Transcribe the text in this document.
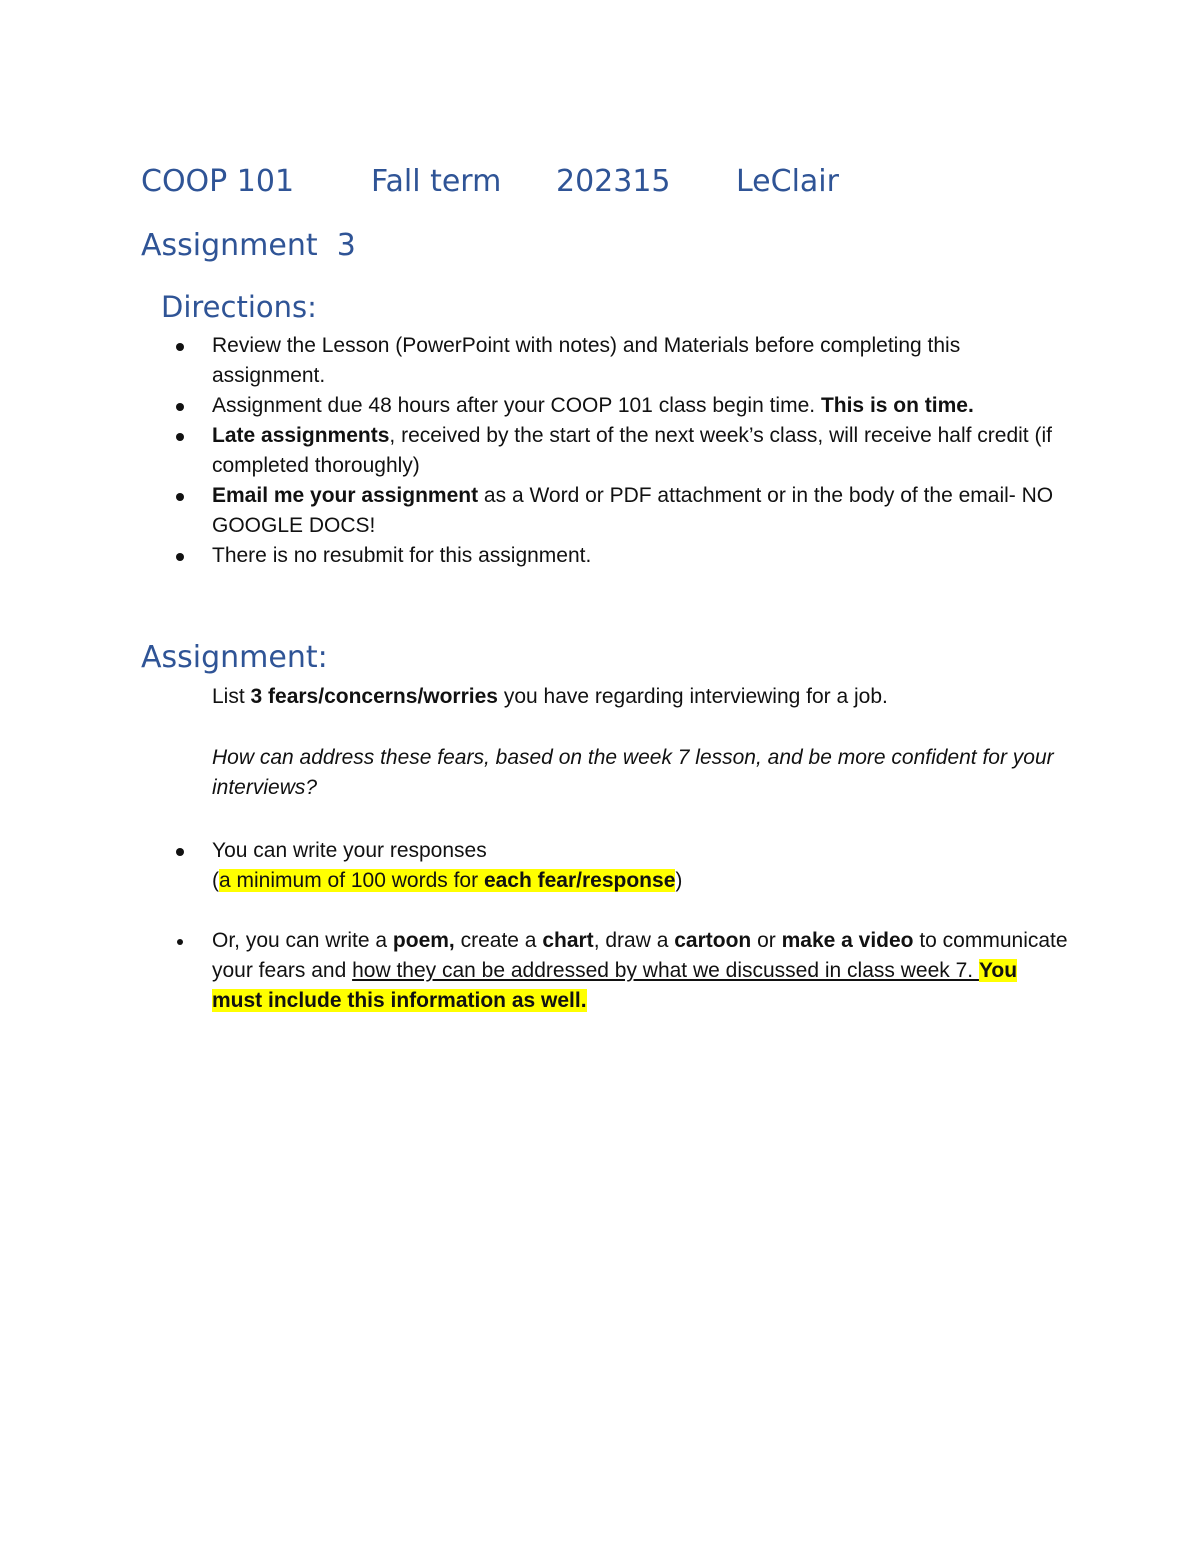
COOP 101	Fall term 202315 LeClair
Assignment  3
Directions:
Review the Lesson (PowerPoint with notes) and Materials before completing this assignment.
Assignment due 48 hours after your COOP 101 class begin time. This is on time.
Late assignments, received by the start of the next week’s class, will receive half credit (if completed thoroughly)
Email me your assignment as a Word or PDF attachment or in the body of the email- NO GOOGLE DOCS!
There is no resubmit for this assignment.
Assignment:
List 3 fears/concerns/worries you have regarding interviewing for a job.
How can address these fears, based on the week 7 lesson, and be more confident for your interviews?
You can write your responses
(a minimum of 100 words for each fear/response)
Or, you can write a poem, create a chart, draw a cartoon or make a video to communicate your fears and how they can be addressed by what we discussed in class week 7. You must include this information as well.
